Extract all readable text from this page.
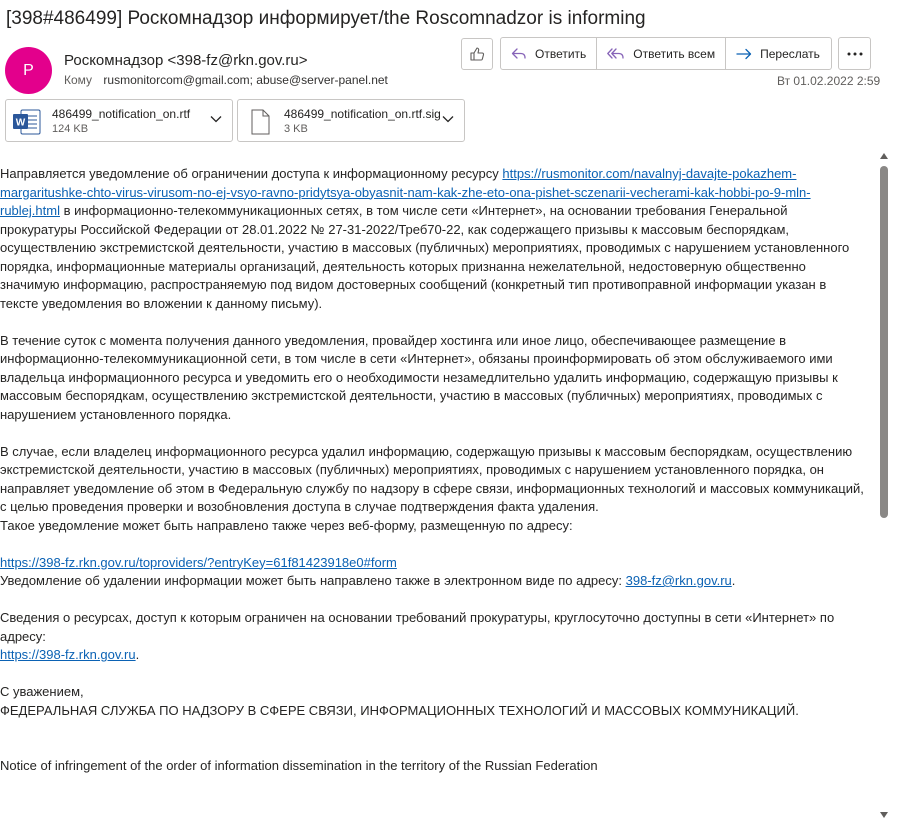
[398#486499] Роскомнадзор информирует/the Roscomnadzor is informing
Р
Роскомнадзор <398-fz@rkn.gov.ru>
Кому rusmonitorcom@gmail.com; abuse@server-panel.net
Ответить	Ответить всем	Переслать
Вт 01.02.2022 2:59
W
486499_notification_on.rtf
124 KB
486499_notification_on.rtf.sig
3 KB

Направляется уведомление об ограничении доступа к информационному ресурсу https://rusmonitor.com/navalnyj-davajte-pokazhem-margaritushke-chto-virus-virusom-no-ej-vsyo-ravno-pridytsya-obyasnit-nam-kak-zhe-eto-ona-pishet-sczenarii-vecherami-kak-hobbi-po-9-mln-rublej.html в информационно-телекоммуникационных сетях, в том числе сети «Интернет», на основании требования Генеральной прокуратуры Российской Федерации от 28.01.2022 № 27-31-2022/Треб70-22, как содержащего призывы к массовым беспорядкам, осуществлению экстремистской деятельности, участию в массовых (публичных) мероприятиях, проводимых с нарушением установленного порядка, информационные материалы организаций, деятельность которых признанна нежелательной, недостоверную общественно значимую информацию, распространяемую под видом достоверных сообщений (конкретный тип противоправной информации указан в тексте уведомления во вложении к данному письму).

В течение суток с момента получения данного уведомления, провайдер хостинга или иное лицо, обеспечивающее размещение в информационно-телекоммуникационной сети, в том числе в сети «Интернет», обязаны проинформировать об этом обслуживаемого ими владельца информационного ресурса и уведомить его о необходимости незамедлительно удалить информацию, содержащую призывы к массовым беспорядкам, осуществлению экстремистской деятельности, участию в массовых (публичных) мероприятиях, проводимых с нарушением установленного порядка.

В случае, если владелец информационного ресурса удалил информацию, содержащую призывы к массовым беспорядкам, осуществлению экстремистской деятельности, участию в массовых (публичных) мероприятиях, проводимых с нарушением установленного порядка, он направляет уведомление об этом в Федеральную службу по надзору в сфере связи, информационных технологий и массовых коммуникаций, с целью проведения проверки и возобновления доступа в случае подтверждения факта удаления.

Такое уведомление может быть направлено также через веб-форму, размещенную по адресу:

https://398-fz.rkn.gov.ru/toproviders/?entryKey=61f81423918e0#form

Уведомление об удалении информации может быть направлено также в электронном виде по адресу: 398-fz@rkn.gov.ru.

Сведения о ресурсах, доступ к которым ограничен на основании требований прокуратуры, круглосуточно доступны в сети «Интернет» по адресу:

https://398-fz.rkn.gov.ru.

С уважением,

ФЕДЕРАЛЬНАЯ СЛУЖБА ПО НАДЗОРУ В СФЕРЕ СВЯЗИ, ИНФОРМАЦИОННЫХ ТЕХНОЛОГИЙ И МАССОВЫХ КОММУНИКАЦИЙ.

Notice of infringement of the order of information dissemination in the territory of the Russian Federation
